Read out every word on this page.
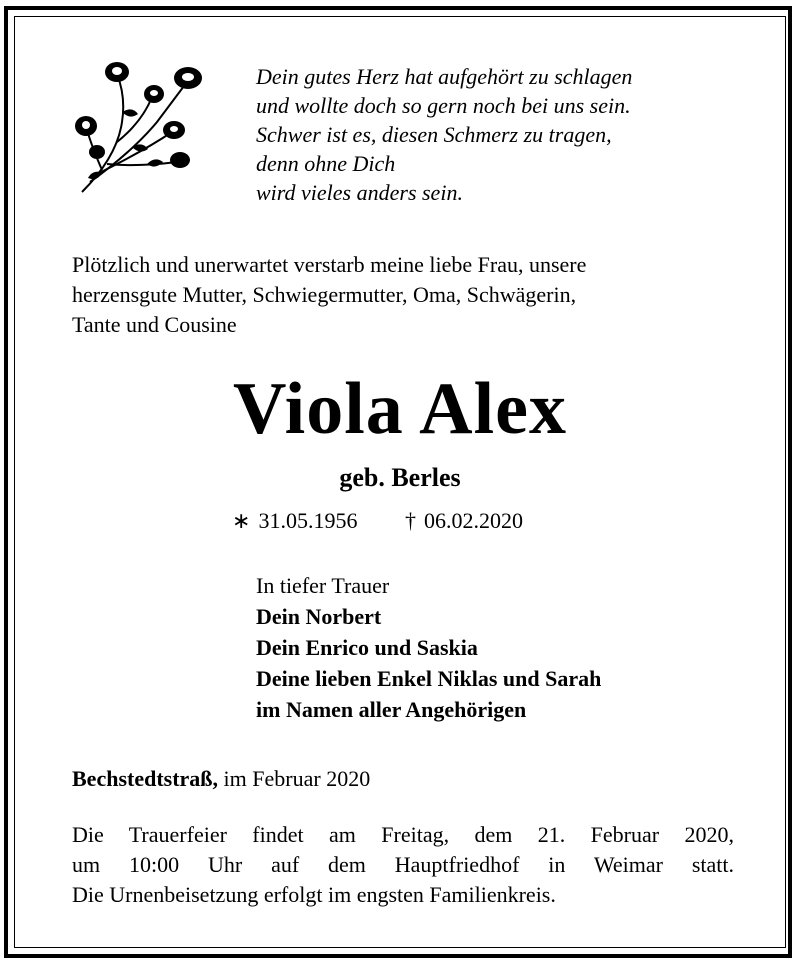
Dein gutes Herz hat aufgehört zu schlagen
und wollte doch so gern noch bei uns sein.
Schwer ist es, diesen Schmerz zu tragen,
denn ohne Dich
wird vieles anders sein.
Plötzlich und unerwartet verstarb meine liebe Frau, unsere
herzensgute Mutter, Schwiegermutter, Oma, Schwägerin,
Tante und Cousine
Viola Alex
geb. Berles
∗ 31.05.1956 † 06.02.2020
In tiefer Trauer
Dein Norbert
Dein Enrico und Saskia
Deine lieben Enkel Niklas und Sarah
im Namen aller Angehörigen
Bechstedtstraß, im Februar 2020
Die Trauerfeier findet am Freitag, dem 21. Februar 2020,
um 10:00 Uhr auf dem Hauptfriedhof in Weimar statt.
Die Urnenbeisetzung erfolgt im engsten Familienkreis.
